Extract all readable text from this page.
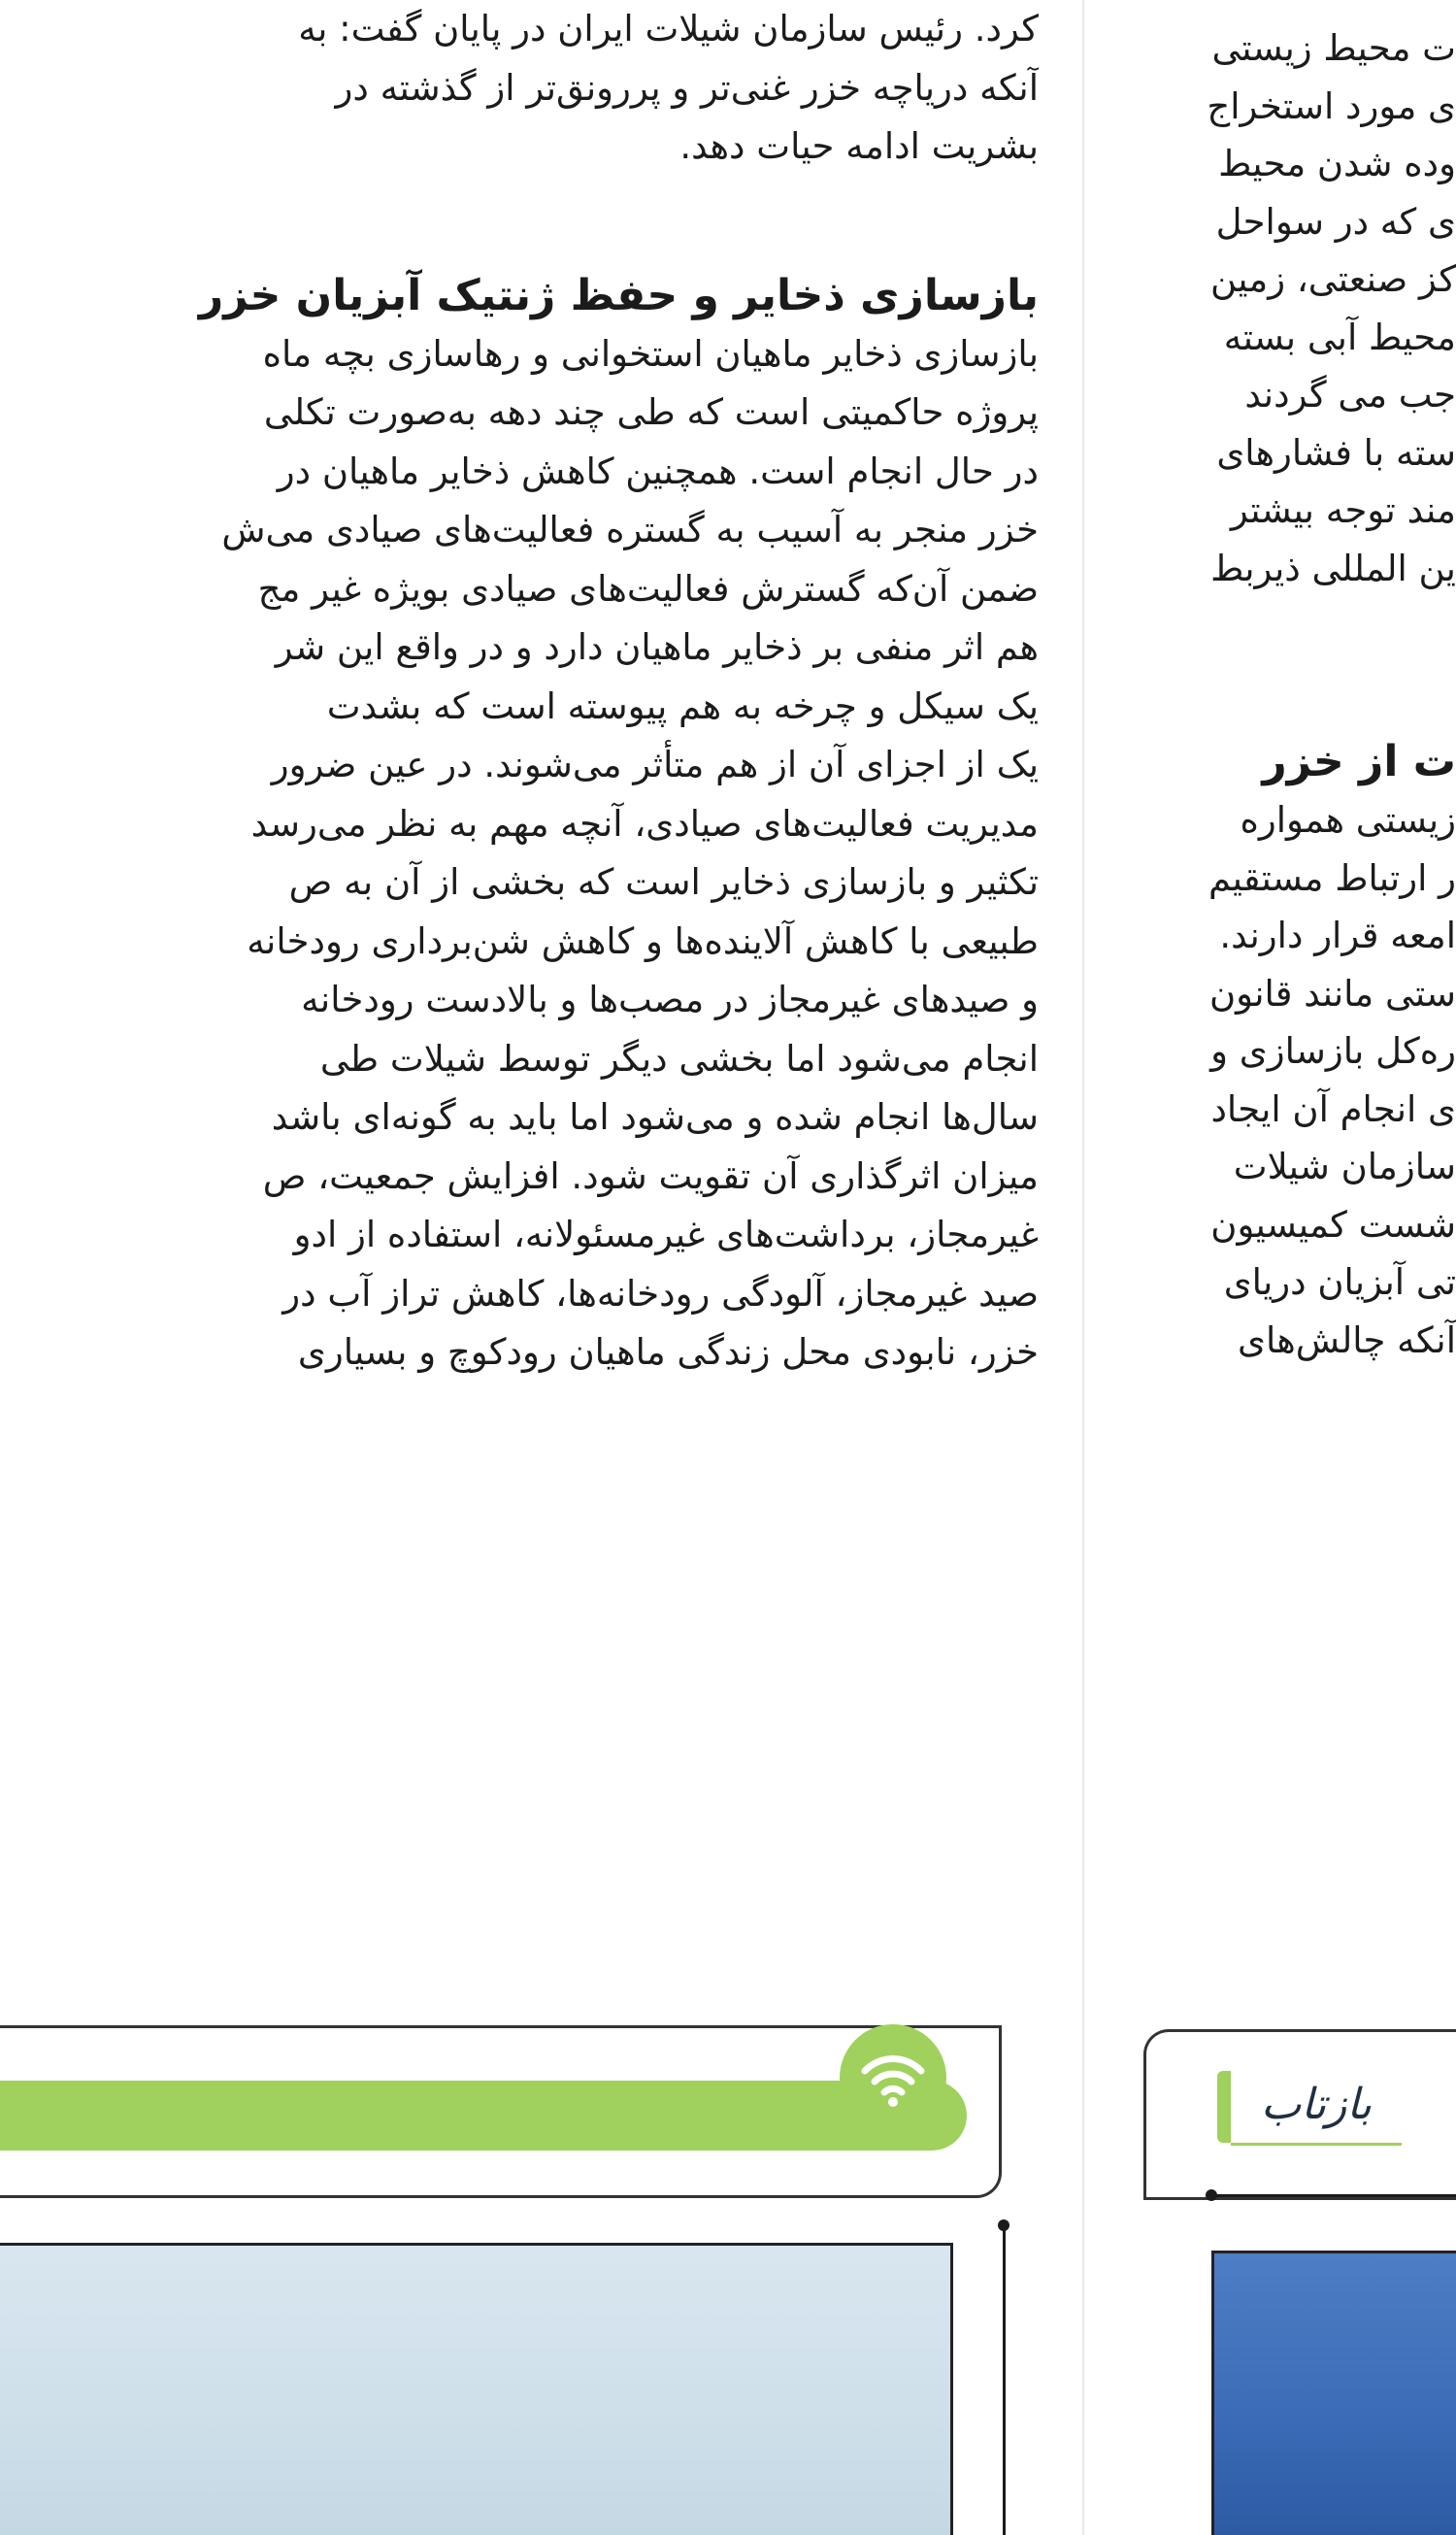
کرد. رئیس سازمان شیلات ایران در پایان گفت: به
آنکه دریاچه خزر غنی‌تر و پررونق‌تر از گذشته در
بشریت ادامه حیات دهد.
بازسازی ذخایر و حفظ ژنتیک آبزیان خزر
بازسازی ذخایر ماهیان استخوانی و رهاسازی بچه ماه
پروژه حاکمیتی است که طی چند دهه به‌صورت تکلی
در حال انجام است. همچنین کاهش ذخایر ماهیان در
خزر منجر به آسیب به گستره فعالیت‌های صیادی می‌ش
ضمن آن‌که گسترش فعالیت‌های صیادی بویژه غیر مج
هم اثر منفی بر ذخایر ماهیان دارد و در واقع این شر
یک سیکل و چرخه به هم پیوسته است که بشدت
یک از اجزای آن از هم متأثر می‌شوند. در عین ضرور
مدیریت فعالیت‌های صیادی، آنچه مهم به نظر می‌رسد
تکثیر و بازسازی ذخایر است که بخشی از آن به ص
طبیعی با کاهش آلاینده‌ها و کاهش شن‌برداری رودخانه
و صیدهای غیرمجاز در مصب‌ها و بالادست رودخانه
انجام می‌شود اما بخشی دیگر توسط شیلات طی
سال‌ها انجام شده و می‌شود اما باید به گونه‌ای باشد
میزان اثرگذاری آن تقویت شود. افزایش جمعیت، ص
غیرمجاز، برداشت‌های غیرمسئولانه، استفاده از ادو
صید غیرمجاز، آلودگی رودخانه‌ها، کاهش تراز آب در
خزر، نابودی محل زندگی ماهیان رودکوچ و بسیاری
ت محیط زیستی
ی مورد استخراج
وده شدن محیط
ی که در سواحل
کز صنعتی، زمین
محیط آبی بسته
جب می گردند
سته با فشارهای
مند توجه بیشتر
ین المللی ذیربط
ت از خزر
زیستی همواره
ر ارتباط مستقیم
امعه قرار دارند.
ستی مانند قانون
ره‌کل بازسازی و
ی انجام آن ایجاد
سازمان شیلات
شست کمیسیون
تی آبزیان دریای
آنکه چالش‌های
بازتاب
